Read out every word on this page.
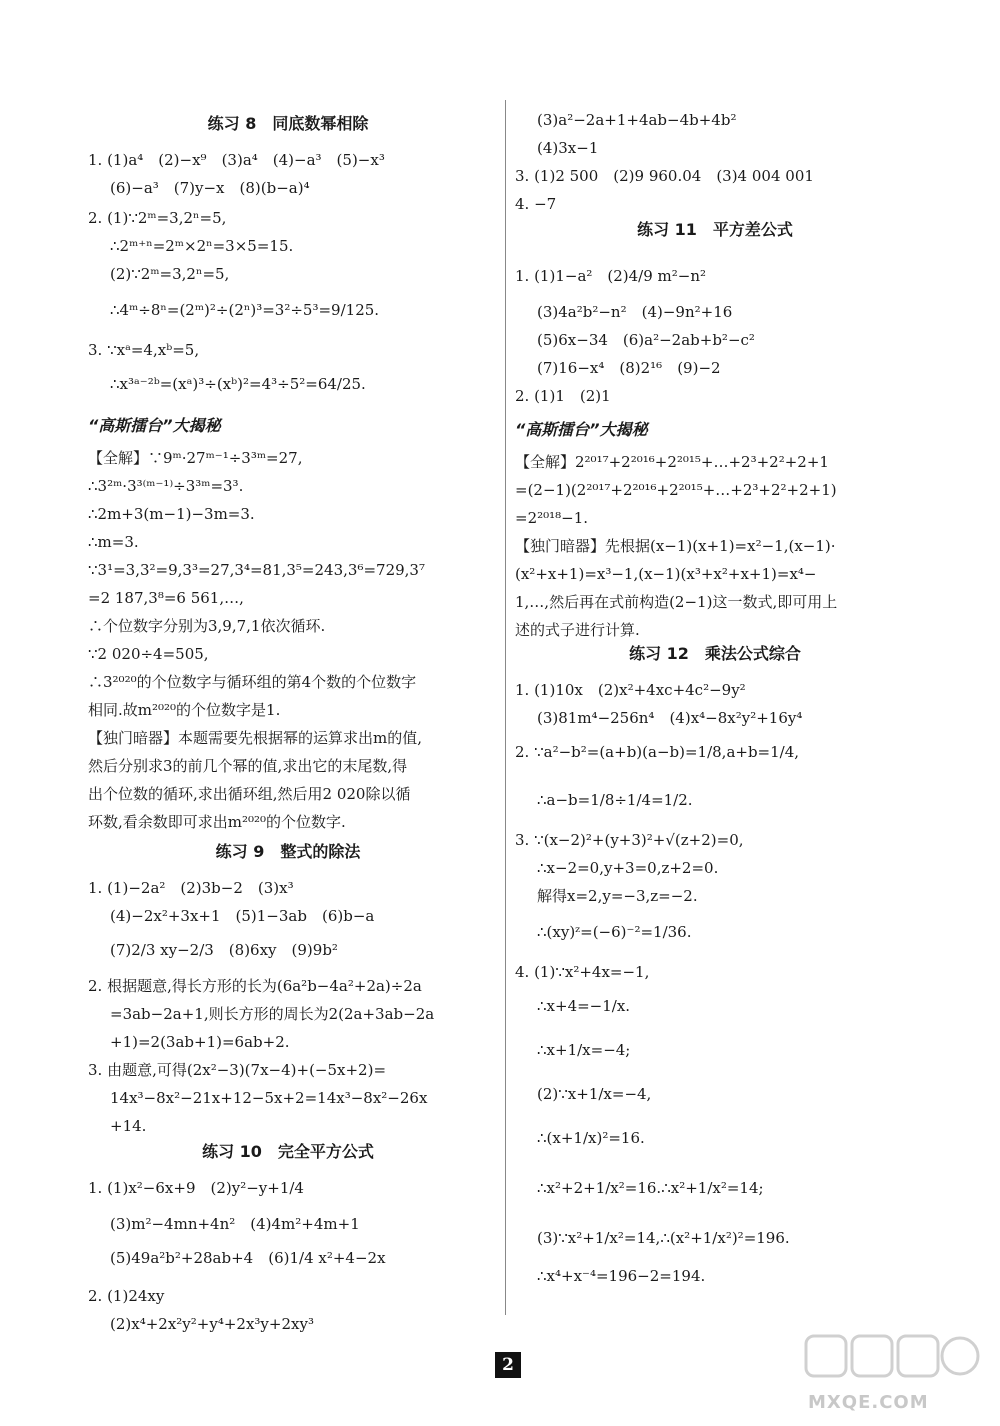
练习 8　同底数幂相除
1. (1)a⁴　(2)−x⁹　(3)a⁴　(4)−a³　(5)−x³
(6)−a³　(7)y−x　(8)(b−a)⁴
2. (1)∵2ᵐ=3,2ⁿ=5,
∴2ᵐ⁺ⁿ=2ᵐ×2ⁿ=3×5=15.
(2)∵2ᵐ=3,2ⁿ=5,
∴4ᵐ÷8ⁿ=(2ᵐ)²÷(2ⁿ)³=3²÷5³=9/125.
3. ∵xᵃ=4,xᵇ=5,
∴x³ᵃ⁻²ᵇ=(xᵃ)³÷(xᵇ)²=4³÷5²=64/25.
“高斯擂台”大揭秘
【全解】∵9ᵐ·27ᵐ⁻¹÷3³ᵐ=27,
∴3²ᵐ·3³⁽ᵐ⁻¹⁾÷3³ᵐ=3³.
∴2m+3(m−1)−3m=3.
∴m=3.
∵3¹=3,3²=9,3³=27,3⁴=81,3⁵=243,3⁶=729,3⁷
=2 187,3⁸=6 561,…,
∴个位数字分别为3,9,7,1依次循环.
∵2 020÷4=505,
∴3²⁰²⁰的个位数字与循环组的第4个数的个位数字
相同.故m²⁰²⁰的个位数字是1.
【独门暗器】本题需要先根据幂的运算求出m的值,
然后分别求3的前几个幂的值,求出它的末尾数,得
出个位数的循环,求出循环组,然后用2 020除以循
环数,看余数即可求出m²⁰²⁰的个位数字.
练习 9　整式的除法
1. (1)−2a²　(2)3b−2　(3)x³
(4)−2x²+3x+1　(5)1−3ab　(6)b−a
(7)2/3 xy−2/3　(8)6xy　(9)9b²
2. 根据题意,得长方形的长为(6a²b−4a²+2a)÷2a
=3ab−2a+1,则长方形的周长为2(2a+3ab−2a
+1)=2(3ab+1)=6ab+2.
3. 由题意,可得(2x²−3)(7x−4)+(−5x+2)=
14x³−8x²−21x+12−5x+2=14x³−8x²−26x
+14.
练习 10　完全平方公式
1. (1)x²−6x+9　(2)y²−y+1/4
(3)m²−4mn+4n²　(4)4m²+4m+1
(5)49a²b²+28ab+4　(6)1/4 x²+4−2x
2. (1)24xy
(2)x⁴+2x²y²+y⁴+2x³y+2xy³
(3)a²−2a+1+4ab−4b+4b²
(4)3x−1
3. (1)2 500　(2)9 960.04　(3)4 004 001
4. −7
练习 11　平方差公式
1. (1)1−a²　(2)4/9 m²−n²
(3)4a²b²−n²　(4)−9n²+16
(5)6x−34　(6)a²−2ab+b²−c²
(7)16−x⁴　(8)2¹⁶　(9)−2
2. (1)1　(2)1
“高斯擂台”大揭秘
【全解】2²⁰¹⁷+2²⁰¹⁶+2²⁰¹⁵+…+2³+2²+2+1
=(2−1)(2²⁰¹⁷+2²⁰¹⁶+2²⁰¹⁵+…+2³+2²+2+1)
=2²⁰¹⁸−1.
【独门暗器】先根据(x−1)(x+1)=x²−1,(x−1)·
(x²+x+1)=x³−1,(x−1)(x³+x²+x+1)=x⁴−
1,…,然后再在式前构造(2−1)这一数式,即可用上
述的式子进行计算.
练习 12　乘法公式综合
1. (1)10x　(2)x²+4xc+4c²−9y²
(3)81m⁴−256n⁴　(4)x⁴−8x²y²+16y⁴
2. ∵a²−b²=(a+b)(a−b)=1/8,a+b=1/4,
∴a−b=1/8÷1/4=1/2.
3. ∵(x−2)²+(y+3)²+√(z+2)=0,
∴x−2=0,y+3=0,z+2=0.
解得x=2,y=−3,z=−2.
∴(xy)ᶻ=(−6)⁻²=1/36.
4. (1)∵x²+4x=−1,
∴x+4=−1/x.
∴x+1/x=−4;
(2)∵x+1/x=−4,
∴(x+1/x)²=16.
∴x²+2+1/x²=16.∴x²+1/x²=14;
(3)∵x²+1/x²=14,∴(x²+1/x²)²=196.
∴x⁴+x⁻⁴=196−2=194.
2
MXQE.COM
